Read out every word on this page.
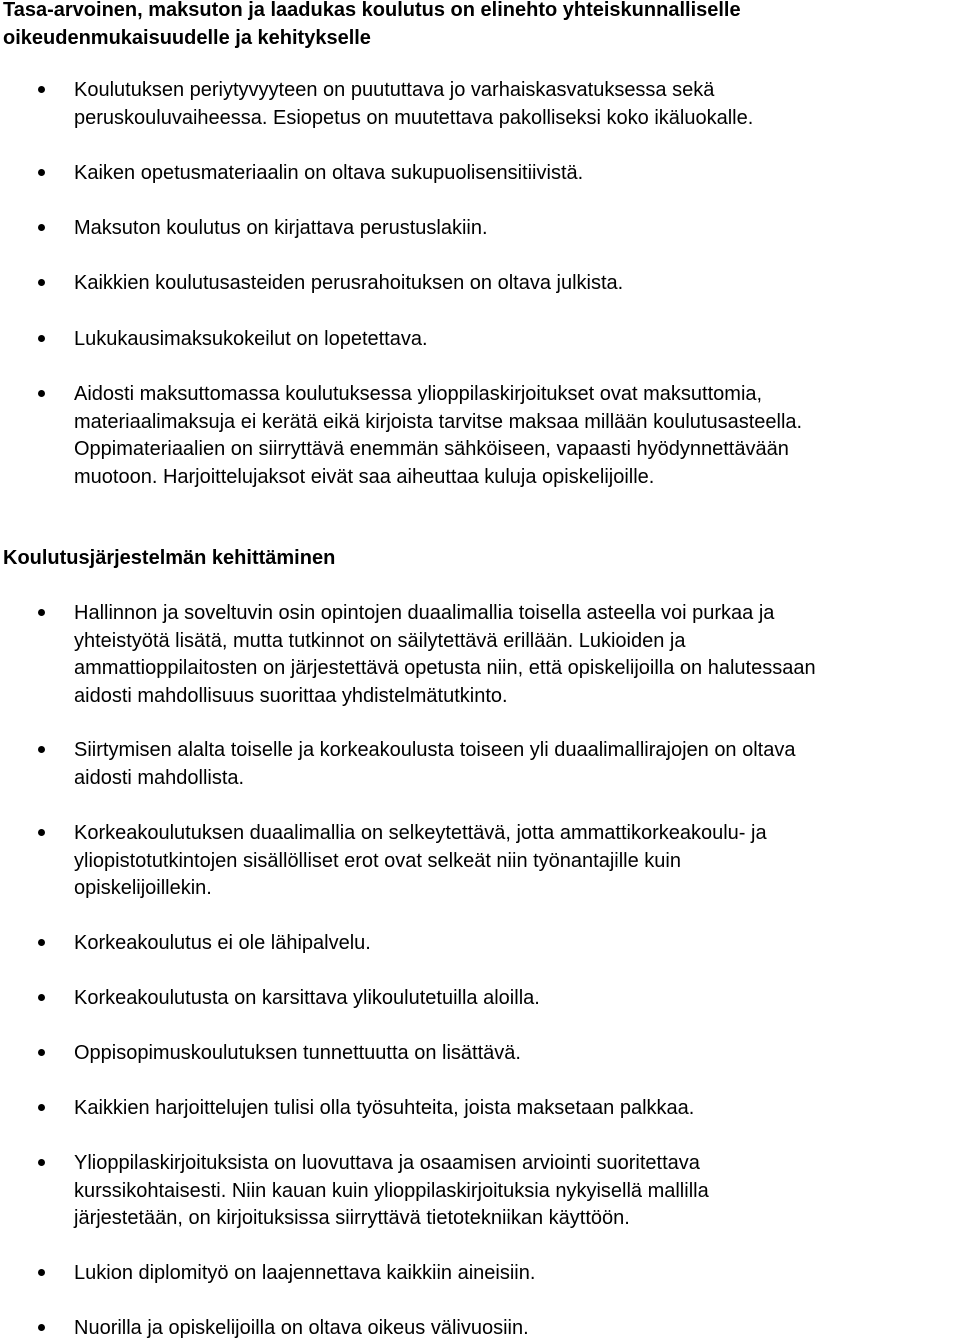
Tasa-arvoinen, maksuton ja laadukas koulutus on elinehto yhteiskunnalliselle
oikeudenmukaisuudelle ja kehitykselle

Koulutuksen periytyvyyteen on puututtava jo varhaiskasvatuksessa sekä
peruskouluvaiheessa. Esiopetus on muutettava pakolliseksi koko ikäluokalle.

Kaiken opetusmateriaalin on oltava sukupuolisensitiivistä.

Maksuton koulutus on kirjattava perustuslakiin.

Kaikkien koulutusasteiden perusrahoituksen on oltava julkista.

Lukukausimaksukokeilut on lopetettava.

Aidosti maksuttomassa koulutuksessa ylioppilaskirjoitukset ovat maksuttomia,
materiaalimaksuja ei kerätä eikä kirjoista tarvitse maksaa millään koulutusasteella.
Oppimateriaalien on siirryttävä enemmän sähköiseen, vapaasti hyödynnettävään
muotoon. Harjoittelujaksot eivät saa aiheuttaa kuluja opiskelijoille.

Koulutusjärjestelmän kehittäminen

Hallinnon ja soveltuvin osin opintojen duaalimallia toisella asteella voi purkaa ja
yhteistyötä lisätä, mutta tutkinnot on säilytettävä erillään. Lukioiden ja
ammattioppilaitosten on järjestettävä opetusta niin, että opiskelijoilla on halutessaan
aidosti mahdollisuus suorittaa yhdistelmätutkinto.

Siirtymisen alalta toiselle ja korkeakoulusta toiseen yli duaalimallirajojen on oltava
aidosti mahdollista.

Korkeakoulutuksen duaalimallia on selkeytettävä, jotta ammattikorkeakoulu- ja
yliopistotutkintojen sisällölliset erot ovat selkeät niin työnantajille kuin
opiskelijoillekin.

Korkeakoulutus ei ole lähipalvelu.

Korkeakoulutusta on karsittava ylikoulutetuilla aloilla.

Oppisopimuskoulutuksen tunnettuutta on lisättävä.

Kaikkien harjoittelujen tulisi olla työsuhteita, joista maksetaan palkkaa.

Ylioppilaskirjoituksista on luovuttava ja osaamisen arviointi suoritettava
kurssikohtaisesti. Niin kauan kuin ylioppilaskirjoituksia nykyisellä mallilla
järjestetään, on kirjoituksissa siirryttävä tietotekniikan käyttöön.

Lukion diplomityö on laajennettava kaikkiin aineisiin.

Nuorilla ja opiskelijoilla on oltava oikeus välivuosiin.
